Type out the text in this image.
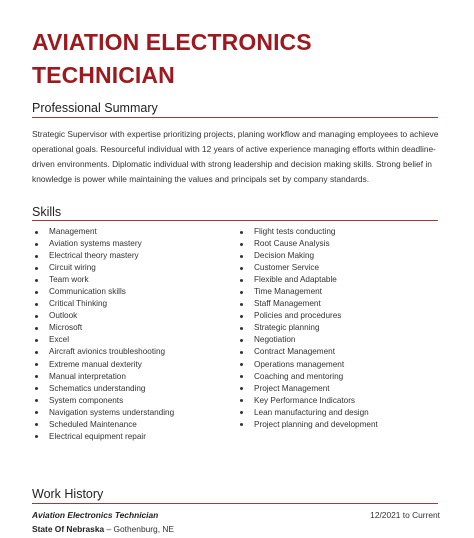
AVIATION ELECTRONICS
TECHNICIAN
Professional Summary

Strategic Supervisor with expertise prioritizing projects, planing workflow and managing employees to achieve operational goals. Resourceful individual with 12 years of active experience managing efforts within deadline-driven environments. Diplomatic individual with strong leadership and decision making skills. Strong belief in knowledge is power while maintaining the values and principals set by company standards.

Skills
Management
Aviation systems mastery
Electrical theory mastery
Circuit wiring
Team work
Communication skills
Critical Thinking
Outlook
Microsoft
Excel
Aircraft avionics troubleshooting
Extreme manual dexterity
Manual interpretation
Schematics understanding
System components
Navigation systems understanding
Scheduled Maintenance
Electrical equipment repair
Flight tests conducting
Root Cause Analysis
Decision Making
Customer Service
Flexible and Adaptable
Time Management
Staff Management
Policies and procedures
Strategic planning
Negotiation
Contract Management
Operations management
Coaching and mentoring
Project Management
Key Performance Indicators
Lean manufacturing and design
Project planning and development
Work History
Aviation Electronics Technician	12/2021 to Current
State Of Nebraska – Gothenburg, NE
